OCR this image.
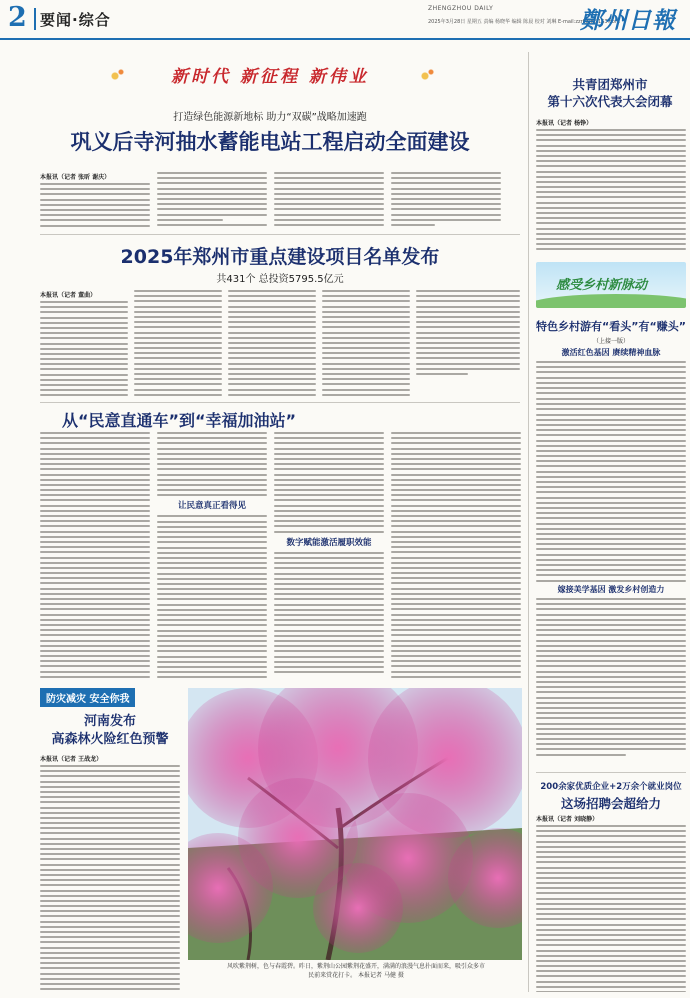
2 要闻·综合
ZHENGZHOU DAILY
2025年3月28日 星期五 责编 杨晓华 编辑 陈晨 校对 刘琳 E-mail:zzrbbjz@163.com
鄭州日報
新时代 新征程 新伟业
打造绿色能源新地标 助力“双碳”战略加速跑
巩义后寺河抽水蓄能电站工程启动全面建设
本报讯（记者 张昕 谢庆）
2025年郑州市重点建设项目名单发布
共431个 总投资5795.5亿元
本报讯（记者 董曲）
从“民意直通车”到“幸福加油站”
让民意真正看得见
数字赋能激活履职效能
防灾减灾 安全你我
河南发布
高森林火险红色预警
本报讯（记者 王战龙）
风吹紫荆树，色与春霞碧。昨日，紫荆山公园紫荆花盛开，满满的浪漫气息扑面而来，吸引众多市
民前来赏花打卡。 本报记者 马健 摄
共青团郑州市
第十六次代表大会闭幕
本报讯（记者 杨铮）
感受乡村新脉动
特色乡村游有“看头”有“赚头”
（上接一版）
激活红色基因 赓续精神血脉
嫁接美学基因 激发乡村创造力
200余家优质企业+2万余个就业岗位
这场招聘会超给力
本报讯（记者 刘晓静）
